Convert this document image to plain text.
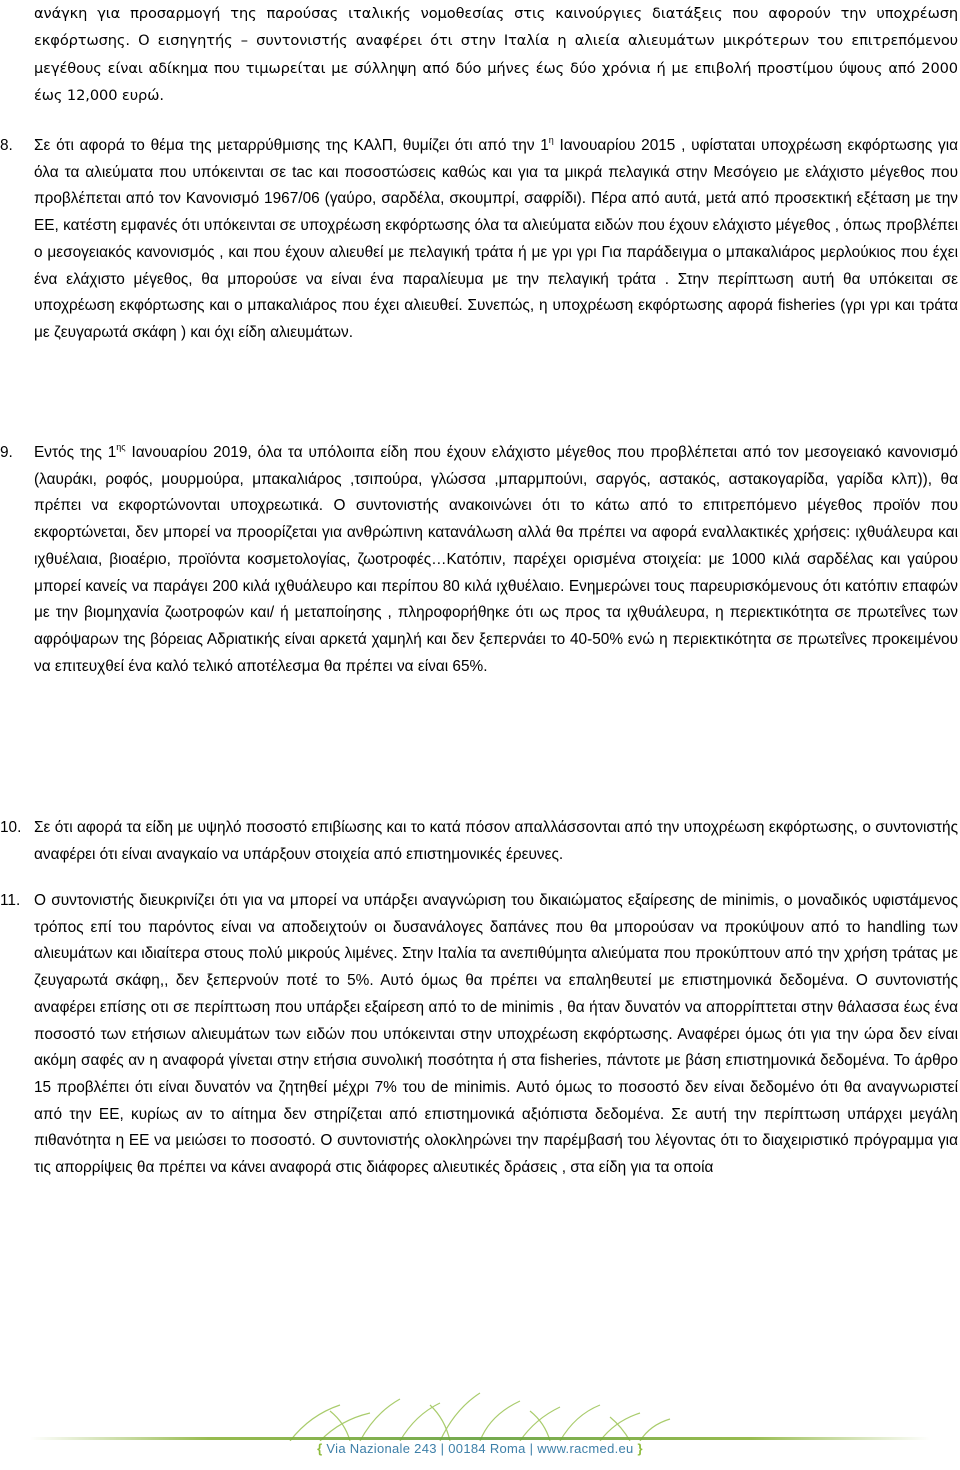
ανάγκη για προσαρμογή της παρούσας ιταλικής νομοθεσίας στις καινούργιες διατάξεις που αφορούν την υποχρέωση εκφόρτωσης. Ο εισηγητής – συντονιστής αναφέρει ότι στην Ιταλία η αλιεία αλιευμάτων μικρότερων του επιτρεπόμενου μεγέθους είναι αδίκημα που τιμωρείται με σύλληψη από δύο μήνες έως δύο χρόνια ή με επιβολή προστίμου ύψους από 2000 έως 12,000 ευρώ.

8.	Σε ότι αφορά το θέμα της μεταρρύθμισης της ΚΑλΠ, θυμίζει ότι από την $1^\eta$ Ιανουαρίου 2015 , υφίσταται υποχρέωση εκφόρτωσης για όλα τα αλιεύματα που υπόκεινται σε tac και ποσοστώσεις καθώς και για τα μικρά πελαγικά στην Μεσόγειο με ελάχιστο μέγεθος που προβλέπεται από τον Κανονισμό 1967/06 (γαύρο, σαρδέλα, σκουμπρί, σαφρίδι). Πέρα από αυτά, μετά από προσεκτική εξέταση με την ΕΕ, κατέστη εμφανές ότι υπόκεινται σε υποχρέωση εκφόρτωσης όλα τα αλιεύματα ειδών που έχουν ελάχιστο μέγεθος , όπως προβλέπει ο μεσογειακός κανονισμός , και που έχουν αλιευθεί με πελαγική τράτα ή με γρι γρι Για παράδειγμα ο μπακαλιάρος μερλούκιος που έχει ένα ελάχιστο μέγεθος, θα μπορούσε να είναι ένα παραλίευμα με την πελαγική τράτα . Στην περίπτωση αυτή θα υπόκειται σε υποχρέωση εκφόρτωσης και ο μπακαλιάρος που έχει αλιευθεί. Συνεπώς, η υποχρέωση εκφόρτωσης αφορά fisheries (γρι γρι και τράτα με ζευγαρωτά σκάφη ) και όχι είδη αλιευμάτων.

9.	Εντός της $1^{\eta\varsigma}$ Ιανουαρίου 2019, όλα τα υπόλοιπα είδη που έχουν ελάχιστο μέγεθος που προβλέπεται από τον μεσογειακό κανονισμό (λαυράκι, ροφός, μουρμούρα, μπακαλιάρος ,τσιπούρα, γλώσσα ,μπαρμπούνι, σαργός, αστακός, αστακογαρίδα, γαρίδα κλπ)), θα πρέπει να εκφορτώνονται υποχρεωτικά. Ο συντονιστής ανακοινώνει ότι το κάτω από το επιτρεπόμενο μέγεθος προϊόν που εκφορτώνεται, δεν μπορεί να προορίζεται για ανθρώπινη κατανάλωση αλλά θα πρέπει να αφορά εναλλακτικές χρήσεις: ιχθυάλευρα και ιχθυέλαια, βιοαέριο, προϊόντα κοσμετολογίας, ζωοτροφές…Κατόπιν, παρέχει ορισμένα στοιχεία: με 1000 κιλά σαρδέλας και γαύρου μπορεί κανείς να παράγει 200 κιλά ιχθυάλευρο και περίπου 80 κιλά ιχθυέλαιο. Ενημερώνει τους παρευρισκόμενους ότι κατόπιν επαφών με την βιομηχανία ζωοτροφών και/ ή μεταποίησης , πληροφορήθηκε ότι ως προς τα ιχθυάλευρα, η περιεκτικότητα σε πρωτεΐνες των αφρόψαρων της βόρειας Αδριατικής είναι αρκετά χαμηλή και δεν ξεπερνάει το 40-50% ενώ η περιεκτικότητα σε πρωτεΐνες προκειμένου να επιτευχθεί ένα καλό τελικό αποτέλεσμα θα πρέπει να είναι 65%.

10. Σε ότι αφορά τα είδη με υψηλό ποσοστό επιβίωσης και το κατά πόσον απαλλάσσονται από την υποχρέωση εκφόρτωσης, ο συντονιστής αναφέρει ότι είναι αναγκαίο να υπάρξουν στοιχεία από επιστημονικές έρευνες.

11. Ο συντονιστής διευκρινίζει ότι για να μπορεί να υπάρξει αναγνώριση του δικαιώματος εξαίρεσης de minimis, ο μοναδικός υφιστάμενος τρόπος επί του παρόντος είναι να αποδειχτούν οι δυσανάλογες δαπάνες που θα μπορούσαν να προκύψουν από το handling των αλιευμάτων και ιδιαίτερα στους πολύ μικρούς λιμένες. Στην Ιταλία τα ανεπιθύμητα αλιεύματα που προκύπτουν από την χρήση τράτας με ζευγαρωτά σκάφη,, δεν ξεπερνούν ποτέ το 5%. Αυτό όμως θα πρέπει να επαληθευτεί με επιστημονικά δεδομένα. Ο συντονιστής αναφέρει επίσης οτι σε περίπτωση που υπάρξει εξαίρεση από το de minimis , θα ήταν δυνατόν να απορρίπτεται στην θάλασσα έως ένα ποσοστό των ετήσιων αλιευμάτων των ειδών που υπόκεινται στην υποχρέωση εκφόρτωσης. Αναφέρει όμως ότι για την ώρα δεν είναι ακόμη σαφές αν η αναφορά γίνεται στην ετήσια συνολική ποσότητα ή στα fisheries, πάντοτε με βάση επιστημονικά δεδομένα. Το άρθρο 15 προβλέπει ότι είναι δυνατόν να ζητηθεί μέχρι 7% του de minimis. Αυτό όμως το ποσοστό δεν είναι δεδομένο ότι θα αναγνωριστεί από την ΕΕ, κυρίως αν το αίτημα δεν στηρίζεται από επιστημονικά αξιόπιστα δεδομένα. Σε αυτή την περίπτωση υπάρχει μεγάλη πιθανότητα η ΕΕ να μειώσει το ποσοστό. Ο συντονιστής ολοκληρώνει την παρέμβασή του λέγοντας ότι το διαχειριστικό πρόγραμμα για τις απορρίψεις θα πρέπει να κάνει αναφορά στις διάφορες αλιευτικές δράσεις , στα είδη για τα οποία

{ Via Nazionale 243 | 00184 Roma | www.racmed.eu }
